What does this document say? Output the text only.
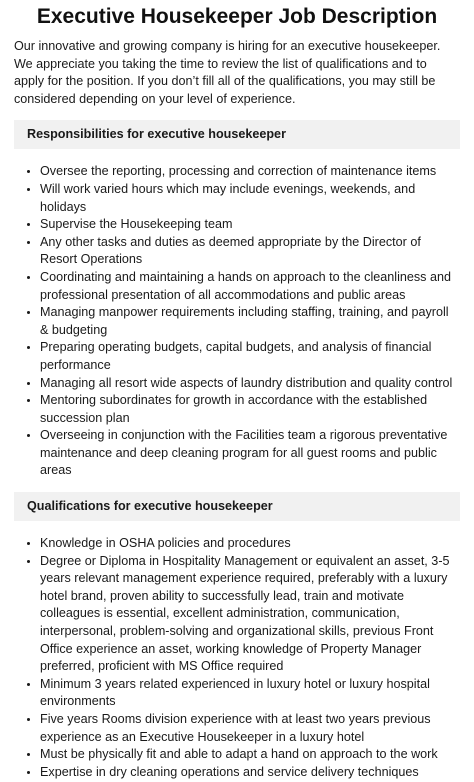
Executive Housekeeper Job Description

Our innovative and growing company is hiring for an executive housekeeper. We appreciate you taking the time to review the list of qualifications and to apply for the position. If you don’t fill all of the qualifications, you may still be considered depending on your level of experience.

Responsibilities for executive housekeeper
• Oversee the reporting, processing and correction of maintenance items
• Will work varied hours which may include evenings, weekends, and holidays
• Supervise the Housekeeping team
• Any other tasks and duties as deemed appropriate by the Director of Resort Operations
• Coordinating and maintaining a hands on approach to the cleanliness and professional presentation of all accommodations and public areas
• Managing manpower requirements including staffing, training, and payroll & budgeting
• Preparing operating budgets, capital budgets, and analysis of financial performance
• Managing all resort wide aspects of laundry distribution and quality control
• Mentoring subordinates for growth in accordance with the established succession plan
• Overseeing in conjunction with the Facilities team a rigorous preventative maintenance and deep cleaning program for all guest rooms and public areas
Qualifications for executive housekeeper
• Knowledge in OSHA policies and procedures
• Degree or Diploma in Hospitality Management or equivalent an asset, 3-5 years relevant management experience required, preferably with a luxury hotel brand, proven ability to successfully lead, train and motivate colleagues is essential, excellent administration, communication, interpersonal, problem-solving and organizational skills, previous Front Office experience an asset, working knowledge of Property Manager preferred, proficient with MS Office required
• Minimum 3 years related experienced in luxury hotel or luxury hospital environments
• Five years Rooms division experience with at least two years previous experience as an Executive Housekeeper in a luxury hotel
• Must be physically fit and able to adapt a hand on approach to the work
• Expertise in dry cleaning operations and service delivery techniques
